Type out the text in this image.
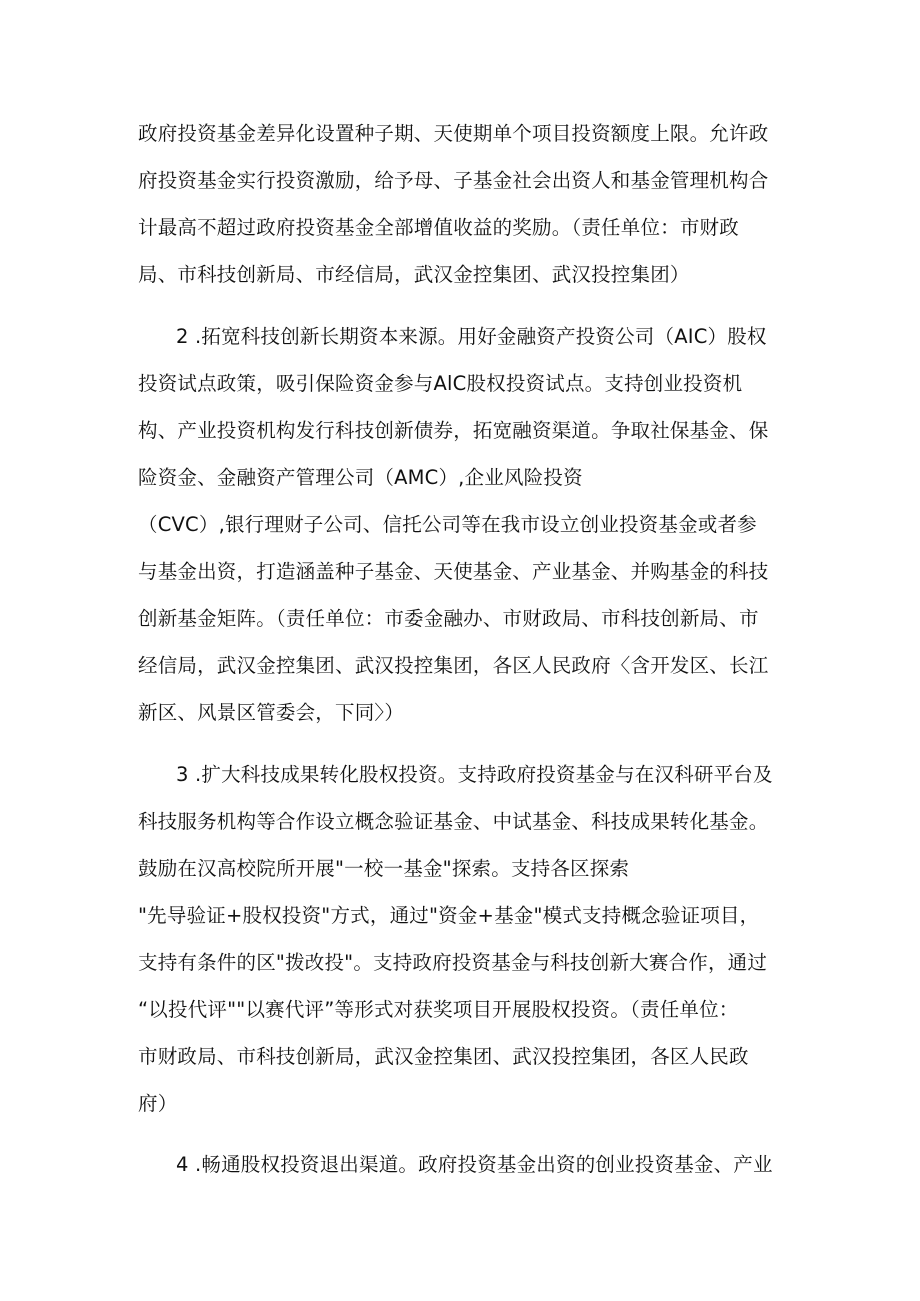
政府投资基金差异化设置种子期、天使期单个项目投资额度上限。允许政
府投资基金实行投资激励，给予母、子基金社会出资人和基金管理机构合
计最高不超过政府投资基金全部增值收益的奖励。（责任单位：市财政
局、市科技创新局、市经信局，武汉金控集团、武汉投控集团）
2 .拓宽科技创新长期资本来源。用好金融资产投资公司（AIC）股权
投资试点政策，吸引保险资金参与AlC股权投资试点。支持创业投资机
构、产业投资机构发行科技创新债券，拓宽融资渠道。争取社保基金、保
险资金、金融资产管理公司（AMC）,企业风险投资
（CVC）,银行理财子公司、信托公司等在我市设立创业投资基金或者参
与基金出资，打造涵盖种子基金、天使基金、产业基金、并购基金的科技
创新基金矩阵。（责任单位：市委金融办、市财政局、市科技创新局、市
经信局，武汉金控集团、武汉投控集团，各区人民政府〈含开发区、长江
新区、风景区管委会，下同〉）
3 .扩大科技成果转化股权投资。支持政府投资基金与在汉科研平台及
科技服务机构等合作设立概念验证基金、中试基金、科技成果转化基金。
鼓励在汉高校院所开展"一校一基金"探索。支持各区探索
"先导验证+股权投资"方式，通过"资金+基金"模式支持概念验证项目，
支持有条件的区"拨改投"。支持政府投资基金与科技创新大赛合作，通过
“以投代评""以赛代评”等形式对获奖项目开展股权投资。（责任单位：
市财政局、市科技创新局，武汉金控集团、武汉投控集团，各区人民政
府）
4 .畅通股权投资退出渠道。政府投资基金出资的创业投资基金、产业
